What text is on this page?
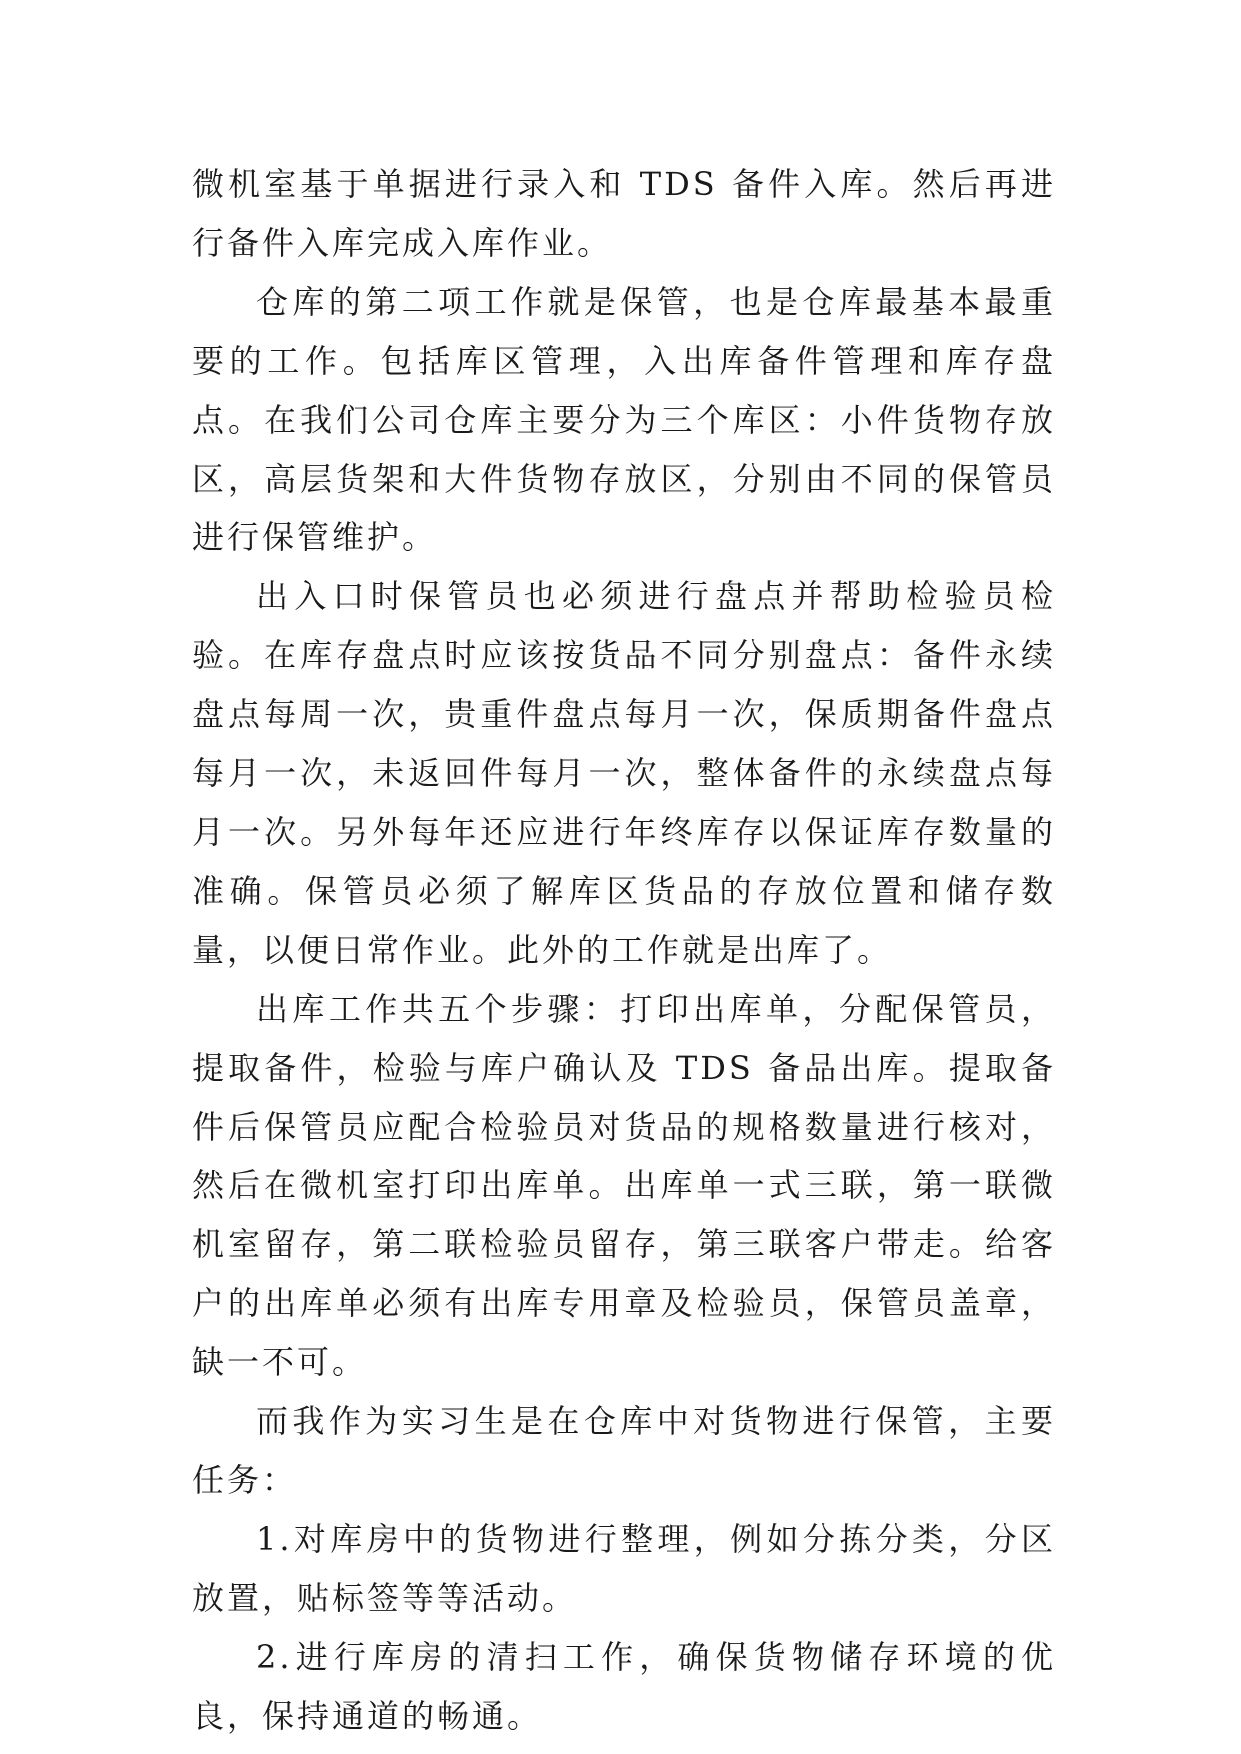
微机室基于单据进行录入和 TDS 备件入库。然后再进行备件入库完成入库作业。

仓库的第二项工作就是保管，也是仓库最基本最重要的工作。包括库区管理，入出库备件管理和库存盘点。在我们公司仓库主要分为三个库区：小件货物存放区，高层货架和大件货物存放区，分别由不同的保管员进行保管维护。

出入口时保管员也必须进行盘点并帮助检验员检验。在库存盘点时应该按货品不同分别盘点：备件永续盘点每周一次，贵重件盘点每月一次，保质期备件盘点每月一次，未返回件每月一次，整体备件的永续盘点每月一次。另外每年还应进行年终库存以保证库存数量的准确。保管员必须了解库区货品的存放位置和储存数量，以便日常作业。此外的工作就是出库了。

出库工作共五个步骤：打印出库单，分配保管员，提取备件，检验与库户确认及 TDS 备品出库。提取备件后保管员应配合检验员对货品的规格数量进行核对，然后在微机室打印出库单。出库单一式三联，第一联微机室留存，第二联检验员留存，第三联客户带走。给客户的出库单必须有出库专用章及检验员，保管员盖章，缺一不可。

而我作为实习生是在仓库中对货物进行保管，主要任务：

1.对库房中的货物进行整理，例如分拣分类，分区放置，贴标签等等活动。

2.进行库房的清扫工作，确保货物储存环境的优良，保持通道的畅通。
